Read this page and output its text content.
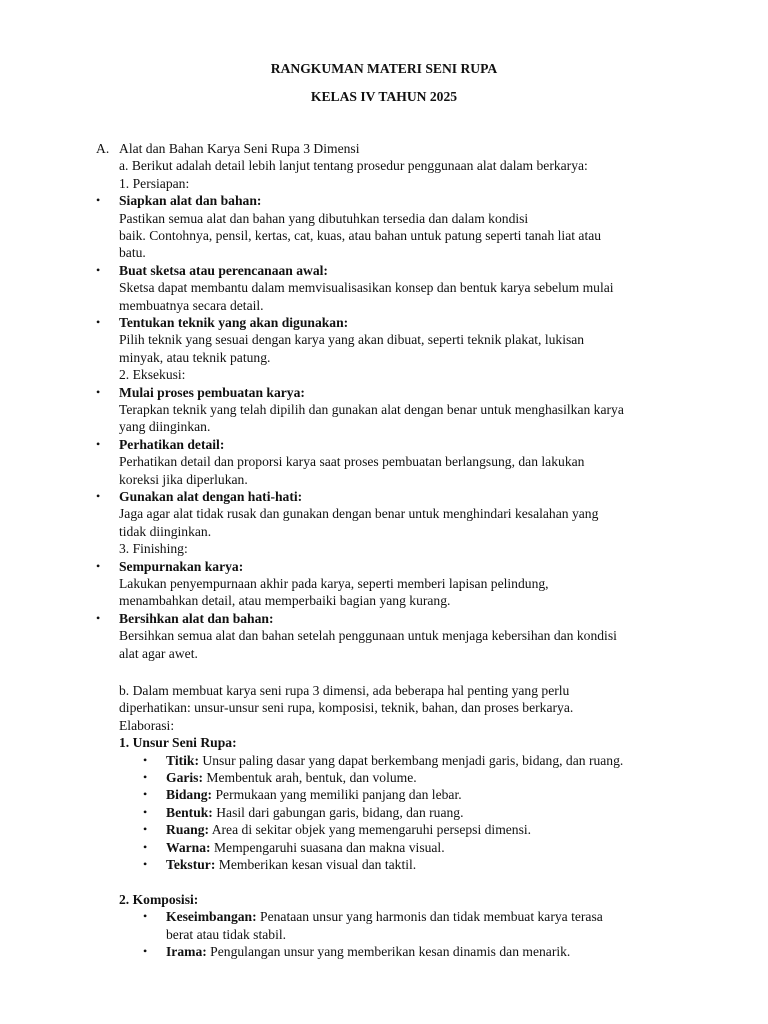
RANGKUMAN MATERI SENI RUPA
KELAS IV TAHUN 2025
A. Alat dan Bahan Karya Seni Rupa 3 Dimensi
a. Berikut adalah detail lebih lanjut tentang prosedur penggunaan alat dalam berkarya:
1. Persiapan:
• Siapkan alat dan bahan:
Pastikan semua alat dan bahan yang dibutuhkan tersedia dan dalam kondisi
baik. Contohnya, pensil, kertas, cat, kuas, atau bahan untuk patung seperti tanah liat atau
batu.
• Buat sketsa atau perencanaan awal:
Sketsa dapat membantu dalam memvisualisasikan konsep dan bentuk karya sebelum mulai
membuatnya secara detail.
• Tentukan teknik yang akan digunakan:
Pilih teknik yang sesuai dengan karya yang akan dibuat, seperti teknik plakat, lukisan
minyak, atau teknik patung.
2. Eksekusi:
• Mulai proses pembuatan karya:
Terapkan teknik yang telah dipilih dan gunakan alat dengan benar untuk menghasilkan karya
yang diinginkan.
• Perhatikan detail:
Perhatikan detail dan proporsi karya saat proses pembuatan berlangsung, dan lakukan
koreksi jika diperlukan.
• Gunakan alat dengan hati-hati:
Jaga agar alat tidak rusak dan gunakan dengan benar untuk menghindari kesalahan yang
tidak diinginkan.
3. Finishing:
• Sempurnakan karya:
Lakukan penyempurnaan akhir pada karya, seperti memberi lapisan pelindung,
menambahkan detail, atau memperbaiki bagian yang kurang.
• Bersihkan alat dan bahan:
Bersihkan semua alat dan bahan setelah penggunaan untuk menjaga kebersihan dan kondisi
alat agar awet.
b. Dalam membuat karya seni rupa 3 dimensi, ada beberapa hal penting yang perlu
diperhatikan: unsur-unsur seni rupa, komposisi, teknik, bahan, dan proses berkarya.
Elaborasi:
1. Unsur Seni Rupa:
• Titik: Unsur paling dasar yang dapat berkembang menjadi garis, bidang, dan ruang.
• Garis: Membentuk arah, bentuk, dan volume.
• Bidang: Permukaan yang memiliki panjang dan lebar.
• Bentuk: Hasil dari gabungan garis, bidang, dan ruang.
• Ruang: Area di sekitar objek yang memengaruhi persepsi dimensi.
• Warna: Mempengaruhi suasana dan makna visual.
• Tekstur: Memberikan kesan visual dan taktil.
2. Komposisi:
• Keseimbangan: Penataan unsur yang harmonis dan tidak membuat karya terasa
berat atau tidak stabil.
• Irama: Pengulangan unsur yang memberikan kesan dinamis dan menarik.
